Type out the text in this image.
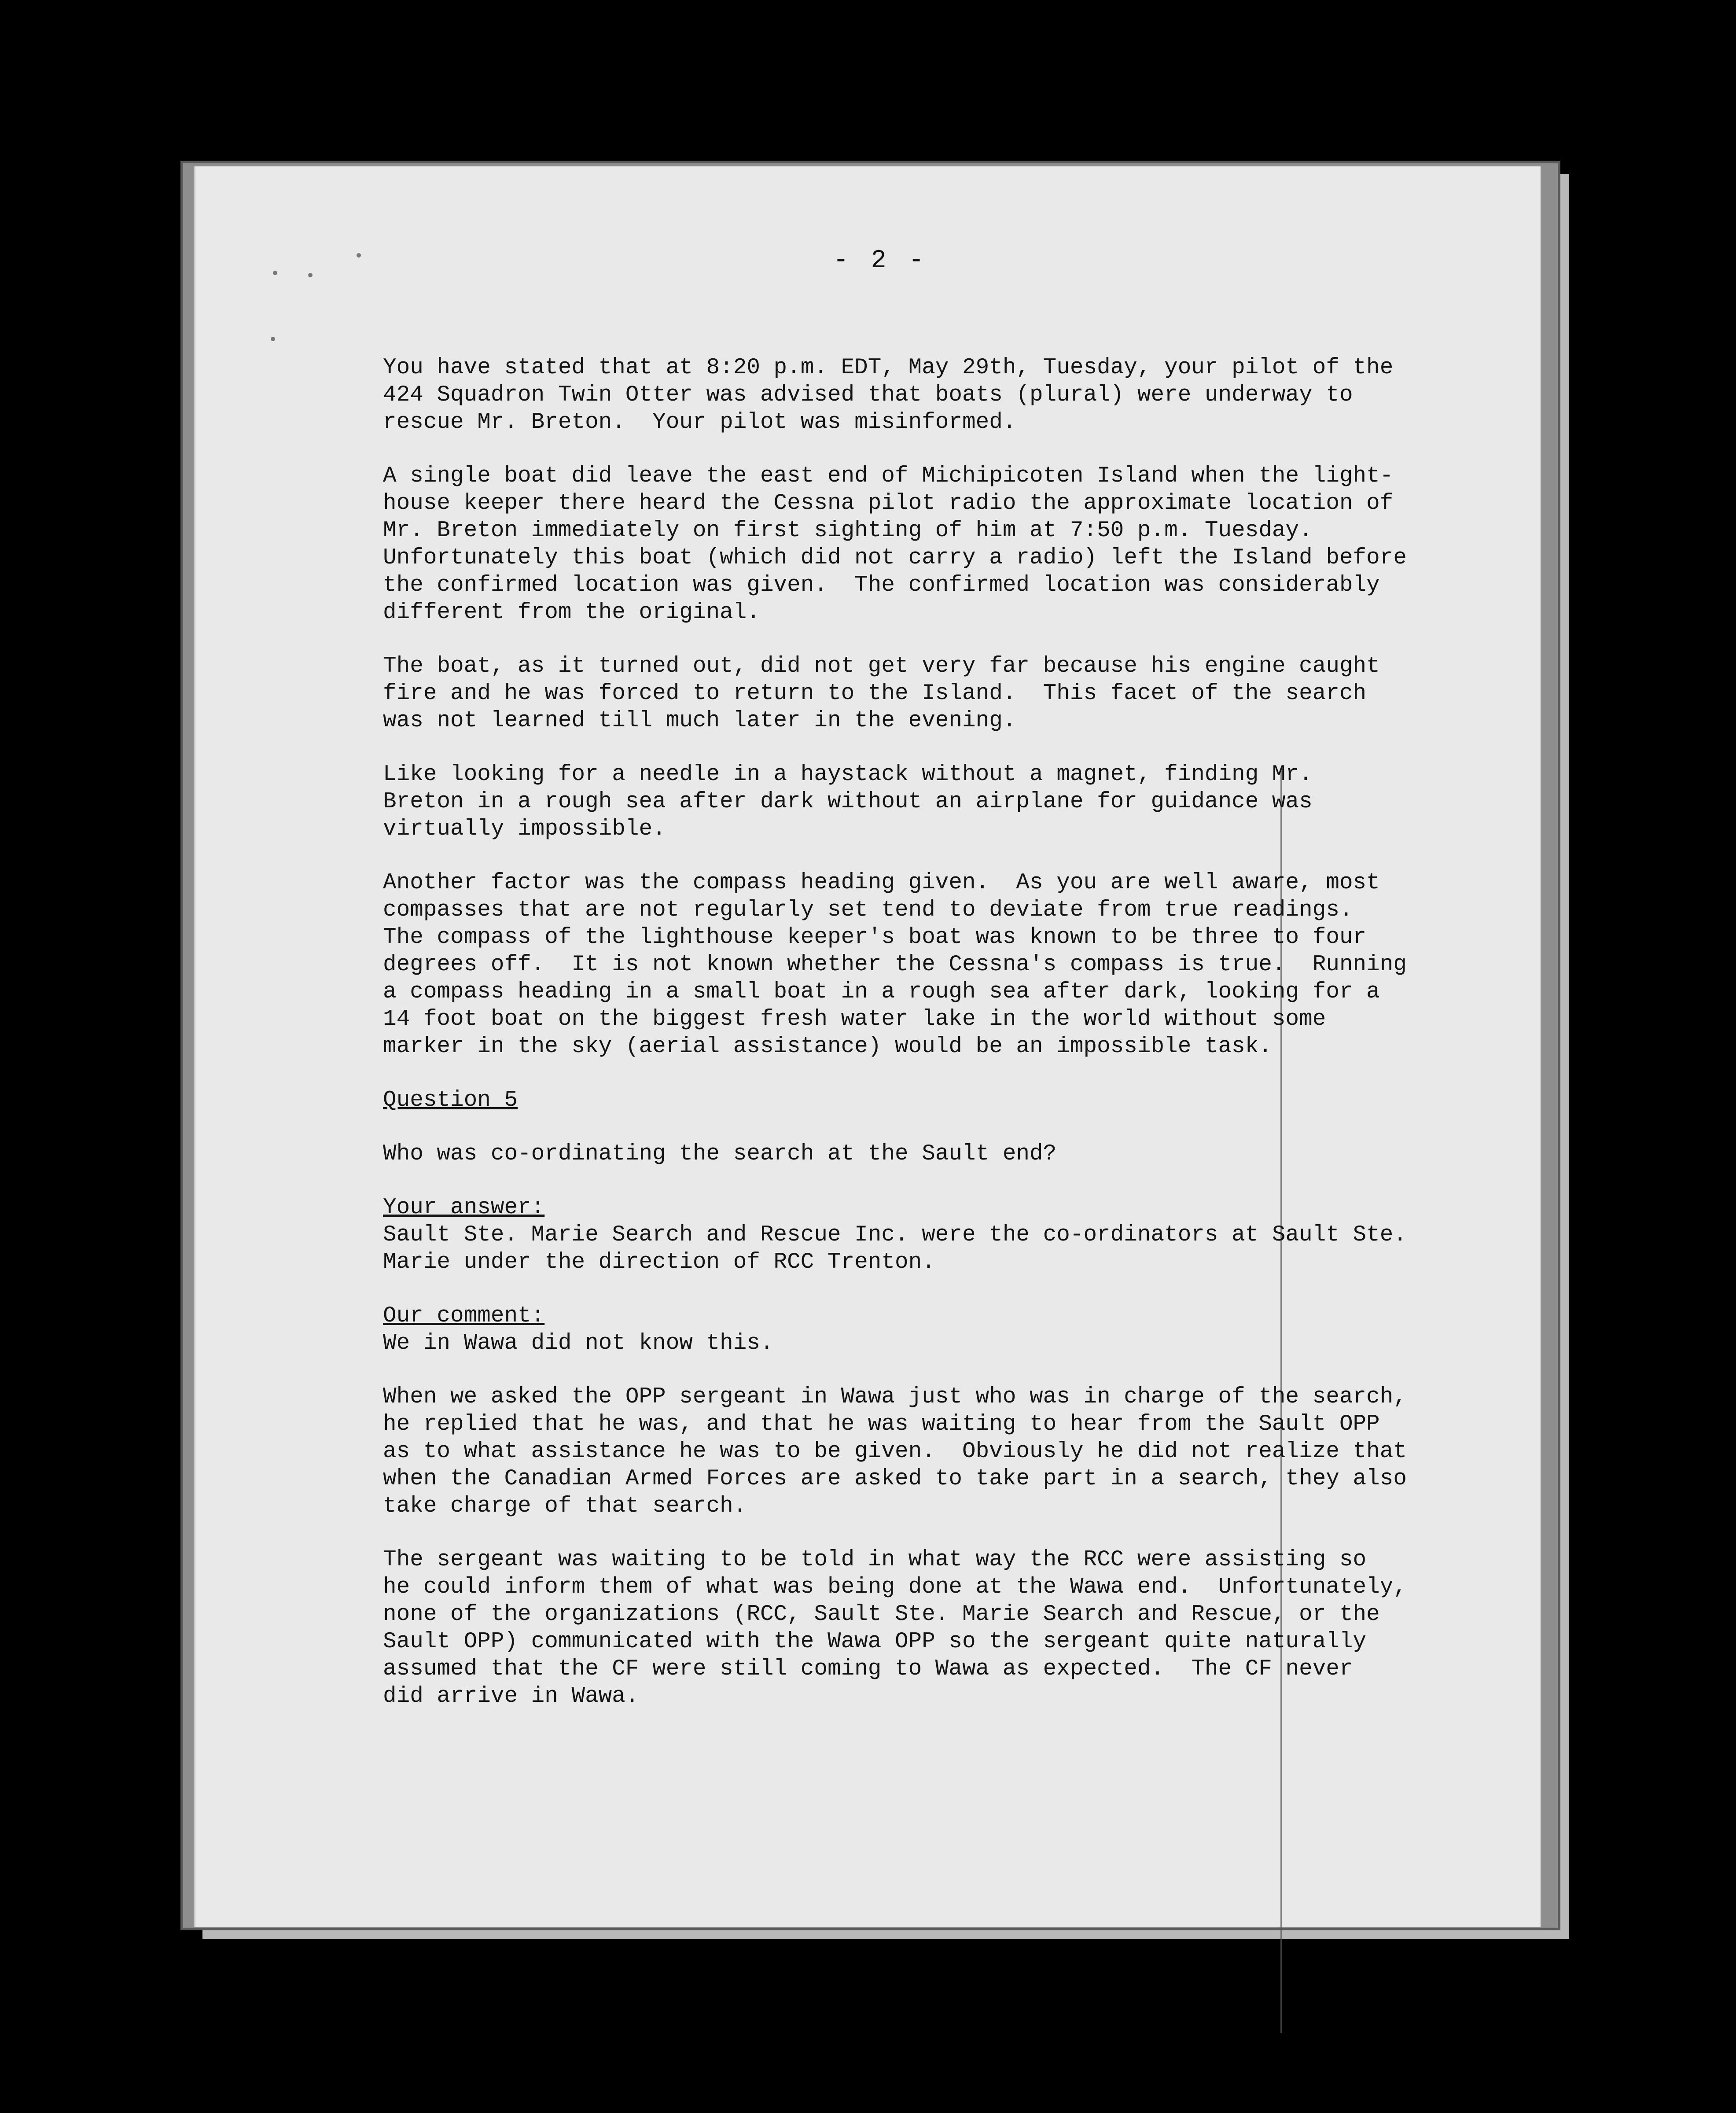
- 2 -

You have stated that at 8:20 p.m. EDT, May 29th, Tuesday, your pilot of the
424 Squadron Twin Otter was advised that boats (plural) were underway to
rescue Mr. Breton.  Your pilot was misinformed.

A single boat did leave the east end of Michipicoten Island when the light-
house keeper there heard the Cessna pilot radio the approximate location of
Mr. Breton immediately on first sighting of him at 7:50 p.m. Tuesday.
Unfortunately this boat (which did not carry a radio) left the Island before
the confirmed location was given.  The confirmed location was considerably
different from the original.

The boat, as it turned out, did not get very far because his engine caught
fire and he was forced to return to the Island.  This facet of the search
was not learned till much later in the evening.

Like looking for a needle in a haystack without a magnet, finding Mr.
Breton in a rough sea after dark without an airplane for guidance was
virtually impossible.

Another factor was the compass heading given.  As you are well aware, most
compasses that are not regularly set tend to deviate from true readings.
The compass of the lighthouse keeper's boat was known to be three to four
degrees off.  It is not known whether the Cessna's compass is true.  Running
a compass heading in a small boat in a rough sea after dark, looking for a
14 foot boat on the biggest fresh water lake in the world without some
marker in the sky (aerial assistance) would be an impossible task.

Question 5

Who was co-ordinating the search at the Sault end?

Your answer:

Sault Ste. Marie Search and Rescue Inc. were the co-ordinators at Sault Ste.
Marie under the direction of RCC Trenton.

Our comment:

We in Wawa did not know this.

When we asked the OPP sergeant in Wawa just who was in charge of the search,
he replied that he was, and that he was waiting to hear from the Sault OPP
as to what assistance he was to be given.  Obviously he did not realize that
when the Canadian Armed Forces are asked to take part in a search, they also
take charge of that search.

The sergeant was waiting to be told in what way the RCC were assisting so
he could inform them of what was being done at the Wawa end.  Unfortunately,
none of the organizations (RCC, Sault Ste. Marie Search and Rescue, or the
Sault OPP) communicated with the Wawa OPP so the sergeant quite naturally
assumed that the CF were still coming to Wawa as expected.  The CF never
did arrive in Wawa.
